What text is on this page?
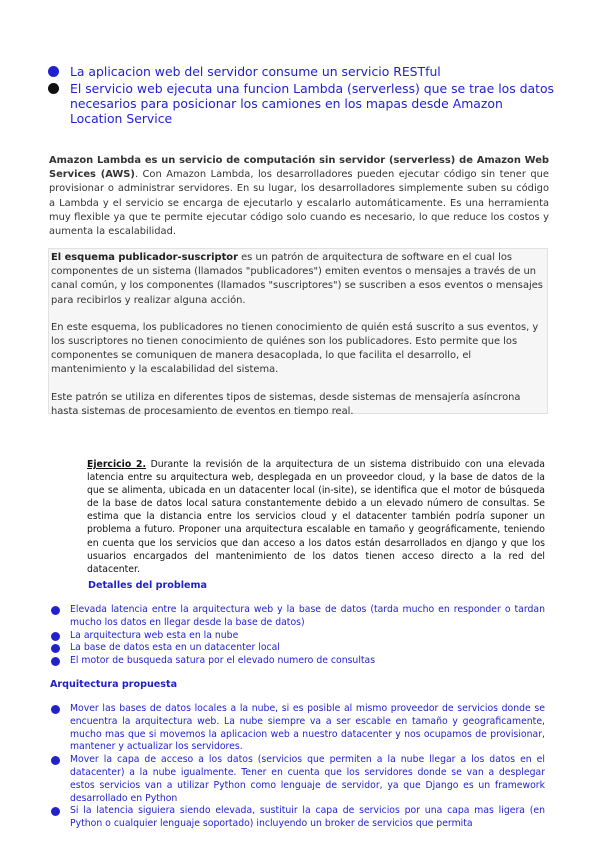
La aplicacion web del servidor consume un servicio RESTful
El servicio web ejecuta una funcion Lambda (serverless) que se trae los datos necesarios para posicionar los camiones en los mapas desde Amazon Location Service

Amazon Lambda es un servicio de computación sin servidor (serverless) de Amazon Web Services (AWS). Con Amazon Lambda, los desarrolladores pueden ejecutar código sin tener que provisionar o administrar servidores. En su lugar, los desarrolladores simplemente suben su código a Lambda y el servicio se encarga de ejecutarlo y escalarlo automáticamente. Es una herramienta muy flexible ya que te permite ejecutar código solo cuando es necesario, lo que reduce los costos y aumenta la escalabilidad.

El esquema publicador-suscriptor es un patrón de arquitectura de software en el cual los componentes de un sistema (llamados "publicadores") emiten eventos o mensajes a través de un canal común, y los componentes (llamados "suscriptores") se suscriben a esos eventos o mensajes para recibirlos y realizar alguna acción.

En este esquema, los publicadores no tienen conocimiento de quién está suscrito a sus eventos, y los suscriptores no tienen conocimiento de quiénes son los publicadores. Esto permite que los componentes se comuniquen de manera desacoplada, lo que facilita el desarrollo, el mantenimiento y la escalabilidad del sistema.

Este patrón se utiliza en diferentes tipos de sistemas, desde sistemas de mensajería asíncrona hasta sistemas de procesamiento de eventos en tiempo real.

Ejercicio 2. Durante la revisión de la arquitectura de un sistema distribuido con una elevada latencia entre su arquitectura web, desplegada en un proveedor cloud, y la base de datos de la que se alimenta, ubicada en un datacenter local (in-site), se identifica que el motor de búsqueda de la base de datos local satura constantemente debido a un elevado número de consultas. Se estima que la distancia entre los servicios cloud y el datacenter también podría suponer un problema a futuro. Proponer una arquitectura escalable en tamaño y geográficamente, teniendo en cuenta que los servicios que dan acceso a los datos están desarrollados en django y que los usuarios encargados del mantenimiento de los datos tienen acceso directo a la red del datacenter.

Detalles del problema
Elevada latencia entre la arquitectura web y la base de datos (tarda mucho en responder o tardan mucho los datos en llegar desde la base de datos)
La arquitectura web esta en la nube
La base de datos esta en un datacenter local
El motor de busqueda satura por el elevado numero de consultas
Arquitectura propuesta
Mover las bases de datos locales a la nube, si es posible al mismo proveedor de servicios donde se encuentra la arquitectura web. La nube siempre va a ser escable en tamaño y geograficamente, mucho mas que si movemos la aplicacion web a nuestro datacenter y nos ocupamos de provisionar, mantener y actualizar los servidores.
Mover la capa de acceso a los datos (servicios que permiten a la nube llegar a los datos en el datacenter) a la nube igualmente. Tener en cuenta que los servidores donde se van a desplegar estos servicios van a utilizar Python como lenguaje de servidor, ya que Django es un framework desarrollado en Python
Si la latencia siguiera siendo elevada, sustituir la capa de servicios por una capa mas ligera (en Python o cualquier lenguaje soportado) incluyendo un broker de servicios que permita
